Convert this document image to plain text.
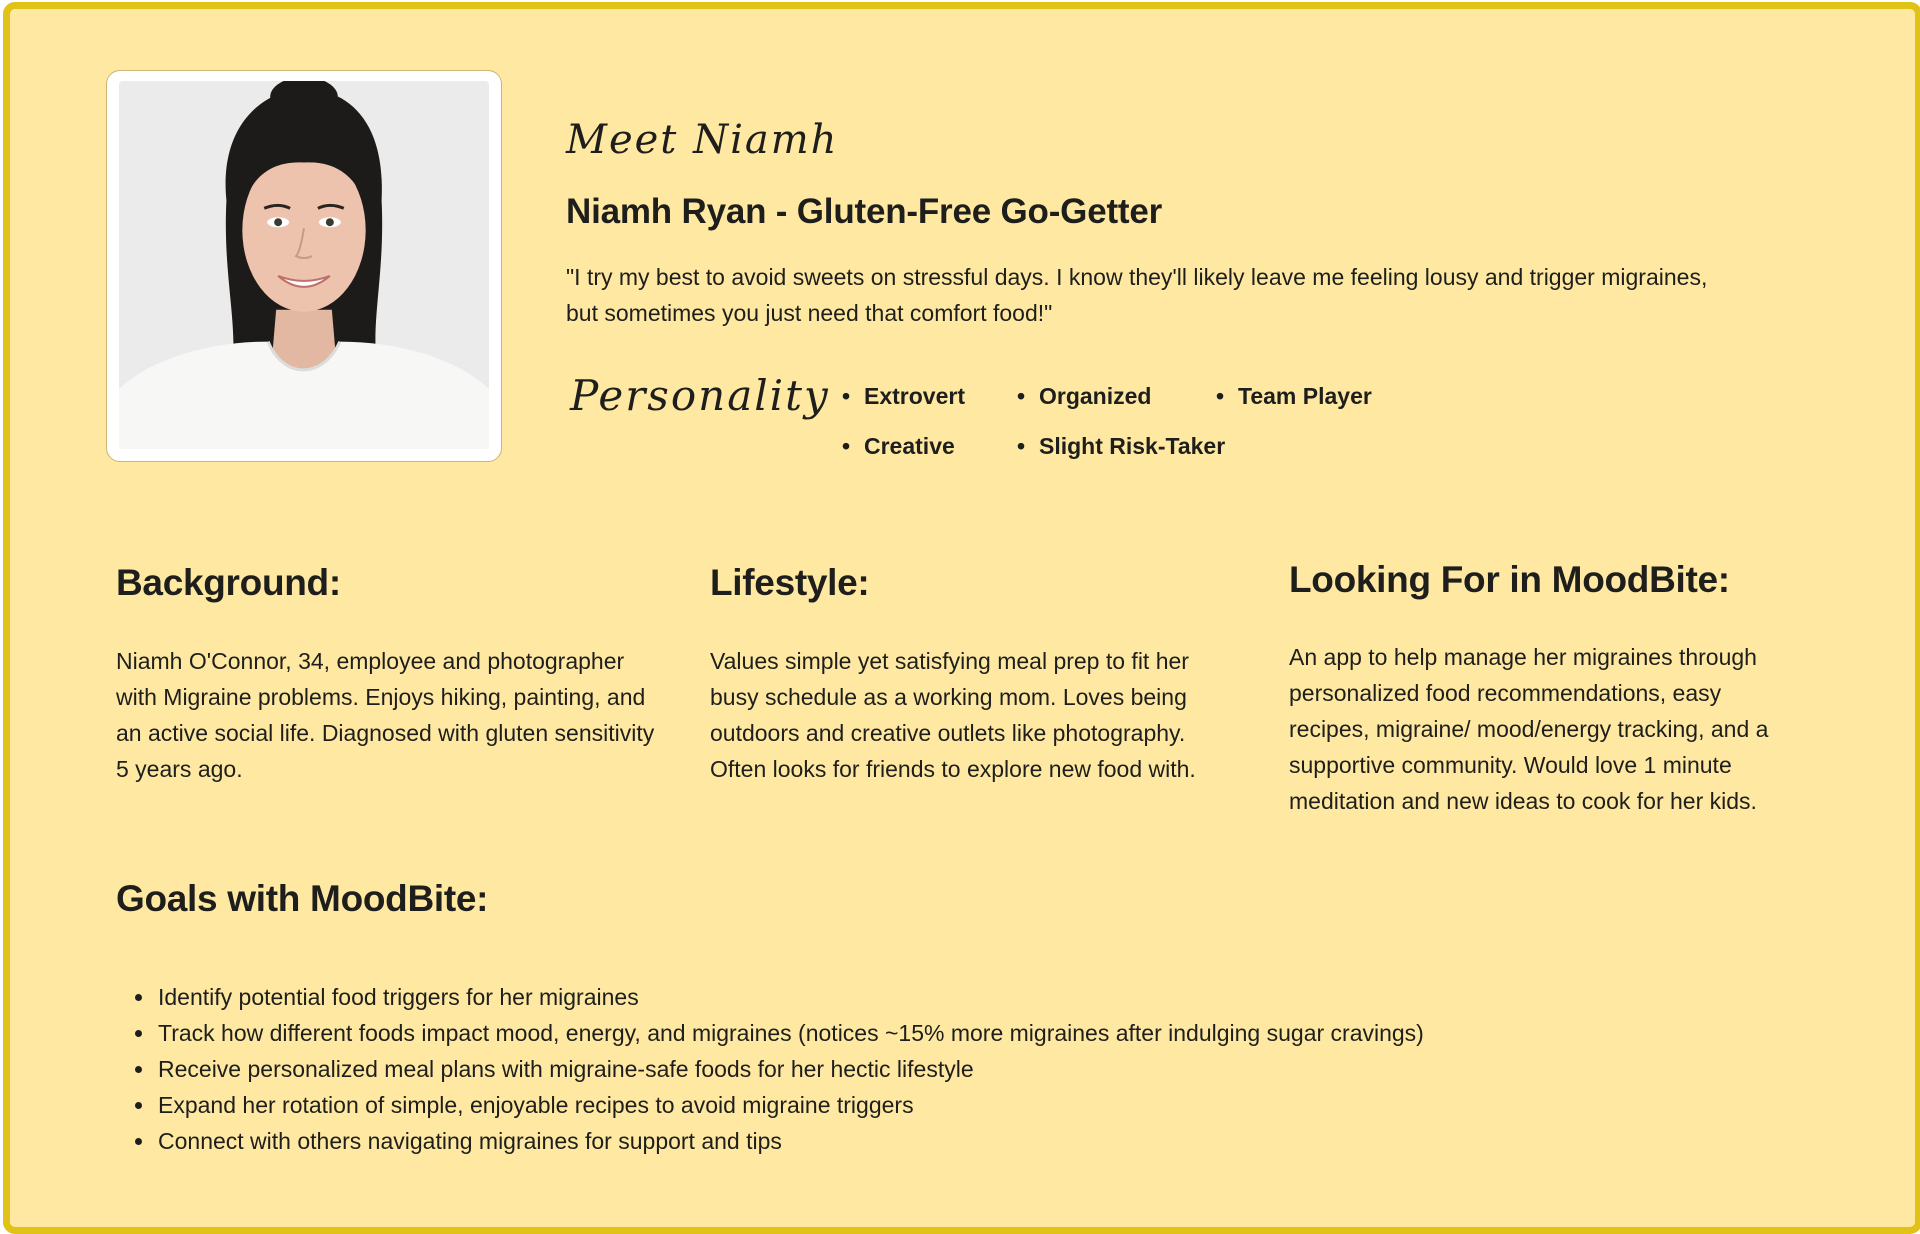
Meet Niamh
Niamh Ryan - Gluten-Free Go-Getter

"I try my best to avoid sweets on stressful days. I know they'll likely leave me feeling lousy and trigger migraines, but sometimes you just need that comfort food!"

Personality	• Extrovert	• Organized	• Team Player
• Creative	• Slight Risk-Taker
Background:

Niamh O'Connor, 34, employee and photographer with Migraine problems. Enjoys hiking, painting, and an active social life. Diagnosed with gluten sensitivity 5 years ago.

Lifestyle:

Values simple yet satisfying meal prep to fit her busy schedule as a working mom. Loves being outdoors and creative outlets like photography. Often looks for friends to explore new food with.

Looking For in MoodBite:

An app to help manage her migraines through personalized food recommendations, easy recipes, migraine/ mood/energy tracking, and a supportive community. Would love 1 minute meditation and new ideas to cook for her kids.

Goals with MoodBite:
• Identify potential food triggers for her migraines
• Track how different foods impact mood, energy, and migraines (notices ~15% more migraines after indulging sugar cravings)
• Receive personalized meal plans with migraine-safe foods for her hectic lifestyle
• Expand her rotation of simple, enjoyable recipes to avoid migraine triggers
• Connect with others navigating migraines for support and tips
